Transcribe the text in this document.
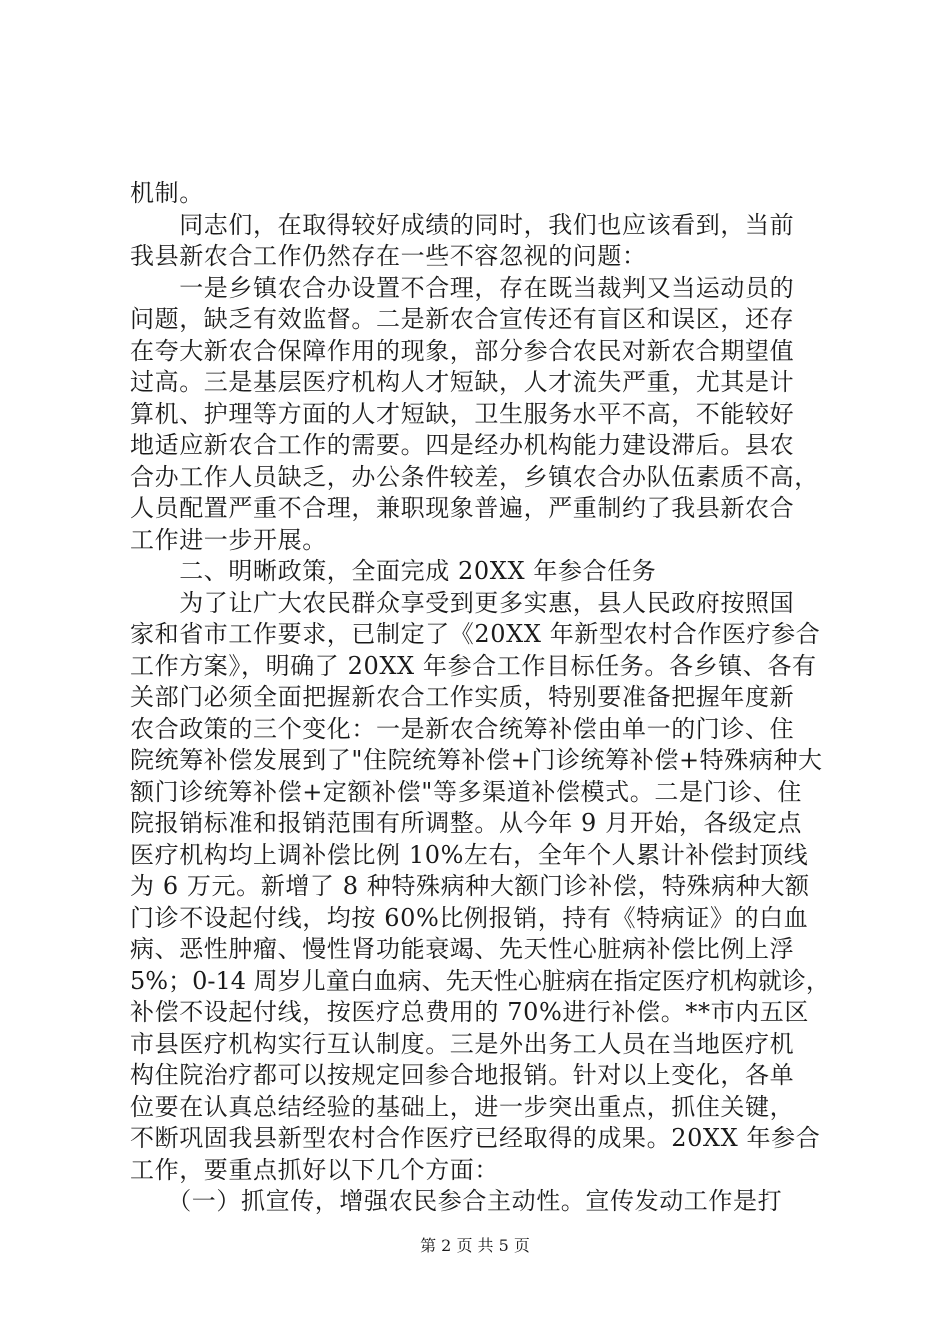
机制。
　　同志们，在取得较好成绩的同时，我们也应该看到，当前
我县新农合工作仍然存在一些不容忽视的问题：
　　一是乡镇农合办设置不合理，存在既当裁判又当运动员的
问题，缺乏有效监督。二是新农合宣传还有盲区和误区，还存
在夸大新农合保障作用的现象，部分参合农民对新农合期望值
过高。三是基层医疗机构人才短缺，人才流失严重，尤其是计
算机、护理等方面的人才短缺，卫生服务水平不高，不能较好
地适应新农合工作的需要。四是经办机构能力建设滞后。县农
合办工作人员缺乏，办公条件较差，乡镇农合办队伍素质不高，
人员配置严重不合理，兼职现象普遍，严重制约了我县新农合
工作进一步开展。
　　二、明晰政策，全面完成 20XX 年参合任务
　　为了让广大农民群众享受到更多实惠，县人民政府按照国
家和省市工作要求，已制定了《20XX 年新型农村合作医疗参合
工作方案》，明确了 20XX 年参合工作目标任务。各乡镇、各有
关部门必须全面把握新农合工作实质，特别要准备把握年度新
农合政策的三个变化：一是新农合统筹补偿由单一的门诊、住
院统筹补偿发展到了"住院统筹补偿+门诊统筹补偿+特殊病种大
额门诊统筹补偿+定额补偿"等多渠道补偿模式。二是门诊、住
院报销标准和报销范围有所调整。从今年 9 月开始，各级定点
医疗机构均上调补偿比例 10%左右，全年个人累计补偿封顶线
为 6 万元。新增了 8 种特殊病种大额门诊补偿，特殊病种大额
门诊不设起付线，均按 60%比例报销，持有《特病证》的白血
病、恶性肿瘤、慢性肾功能衰竭、先天性心脏病补偿比例上浮
5%；0-14 周岁儿童白血病、先天性心脏病在指定医疗机构就诊，
补偿不设起付线，按医疗总费用的 70%进行补偿。**市内五区
市县医疗机构实行互认制度。三是外出务工人员在当地医疗机
构住院治疗都可以按规定回参合地报销。针对以上变化，各单
位要在认真总结经验的基础上，进一步突出重点，抓住关键，
不断巩固我县新型农村合作医疗已经取得的成果。20XX 年参合
工作，要重点抓好以下几个方面：
　　（一）抓宣传，增强农民参合主动性。宣传发动工作是打
第 2 页 共 5 页
